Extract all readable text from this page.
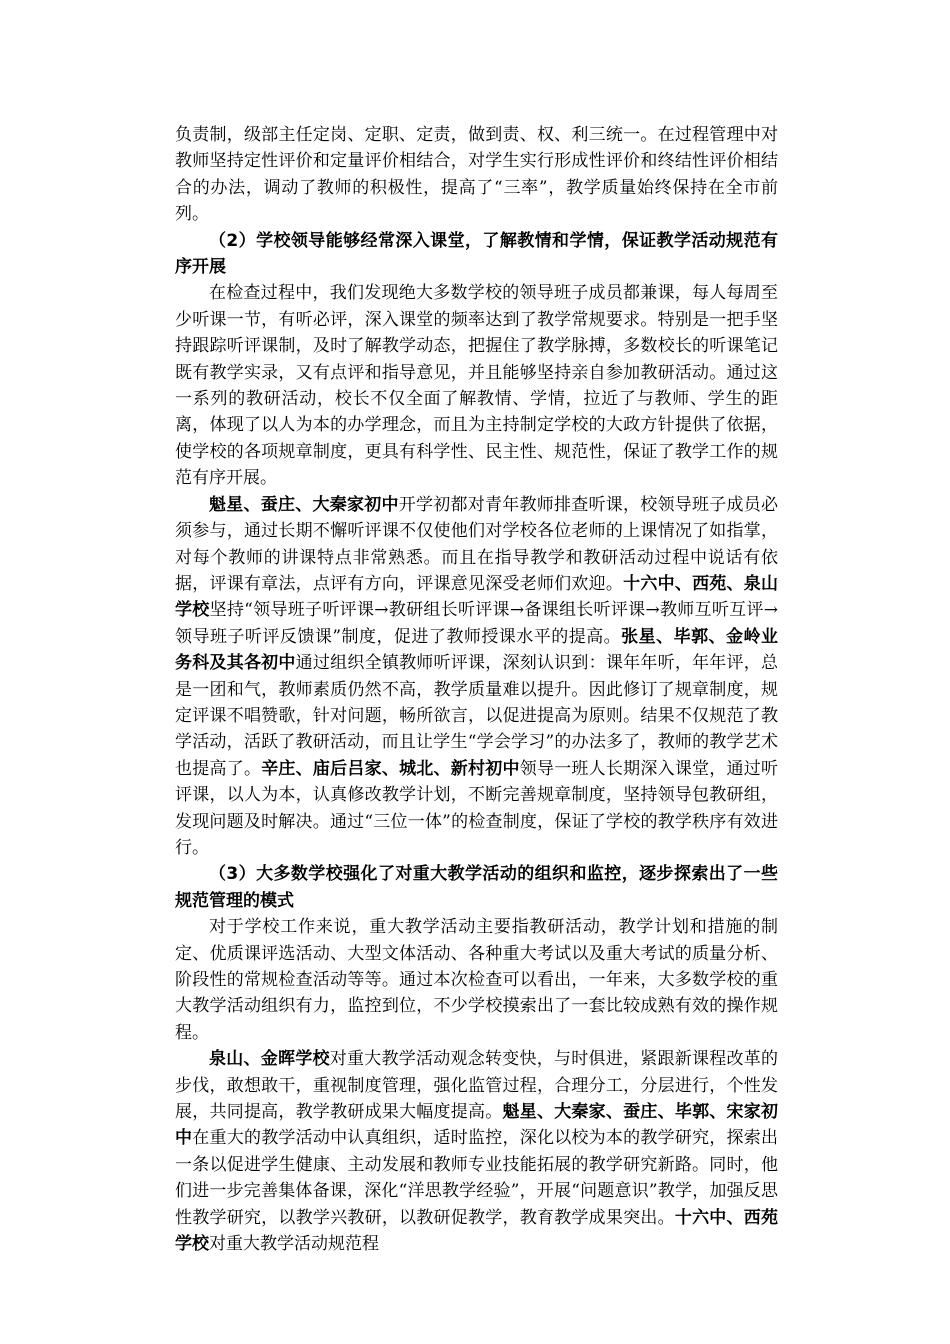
负责制，级部主任定岗、定职、定责，做到责、权、利三统一。在过程管理中对教师坚持定性评价和定量评价相结合，对学生实行形成性评价和终结性评价相结合的办法，调动了教师的积极性，提高了“三率”，教学质量始终保持在全市前列。

（2）学校领导能够经常深入课堂，了解教情和学情，保证教学活动规范有序开展

在检查过程中，我们发现绝大多数学校的领导班子成员都兼课，每人每周至少听课一节，有听必评，深入课堂的频率达到了教学常规要求。特别是一把手坚持跟踪听评课制，及时了解教学动态，把握住了教学脉搏，多数校长的听课笔记既有教学实录，又有点评和指导意见，并且能够坚持亲自参加教研活动。通过这一系列的教研活动，校长不仅全面了解教情、学情，拉近了与教师、学生的距离，体现了以人为本的办学理念，而且为主持制定学校的大政方针提供了依据，使学校的各项规章制度，更具有科学性、民主性、规范性，保证了教学工作的规范有序开展。

魁星、蚕庄、大秦家初中开学初都对青年教师排查听课，校领导班子成员必须参与，通过长期不懈听评课不仅使他们对学校各位老师的上课情况了如指掌，对每个教师的讲课特点非常熟悉。而且在指导教学和教研活动过程中说话有依据，评课有章法，点评有方向，评课意见深受老师们欢迎。十六中、西苑、泉山学校坚持“领导班子听评课→教研组长听评课→备课组长听评课→教师互听互评→领导班子听评反馈课”制度，促进了教师授课水平的提高。张星、毕郭、金岭业务科及其各初中通过组织全镇教师听评课，深刻认识到：课年年听，年年评，总是一团和气，教师素质仍然不高，教学质量难以提升。因此修订了规章制度，规定评课不唱赞歌，针对问题，畅所欲言，以促进提高为原则。结果不仅规范了教学活动，活跃了教研活动，而且让学生“学会学习”的办法多了，教师的教学艺术也提高了。辛庄、庙后吕家、城北、新村初中领导一班人长期深入课堂，通过听评课，以人为本，认真修改教学计划，不断完善规章制度，坚持领导包教研组，发现问题及时解决。通过“三位一体”的检查制度，保证了学校的教学秩序有效进行。

（3）大多数学校强化了对重大教学活动的组织和监控，逐步探索出了一些规范管理的模式

对于学校工作来说，重大教学活动主要指教研活动，教学计划和措施的制定、优质课评选活动、大型文体活动、各种重大考试以及重大考试的质量分析、阶段性的常规检查活动等等。通过本次检查可以看出，一年来，大多数学校的重大教学活动组织有力，监控到位，不少学校摸索出了一套比较成熟有效的操作规程。

泉山、金晖学校对重大教学活动观念转变快，与时俱进，紧跟新课程改革的步伐，敢想敢干，重视制度管理，强化监管过程，合理分工，分层进行，个性发展，共同提高，教学教研成果大幅度提高。魁星、大秦家、蚕庄、毕郭、宋家初中在重大的教学活动中认真组织，适时监控，深化以校为本的教学研究，探索出一条以促进学生健康、主动发展和教师专业技能拓展的教学研究新路。同时，他们进一步完善集体备课，深化“洋思教学经验”，开展“问题意识”教学，加强反思性教学研究，以教学兴教研，以教研促教学，教育教学成果突出。十六中、西苑学校对重大教学活动规范程
